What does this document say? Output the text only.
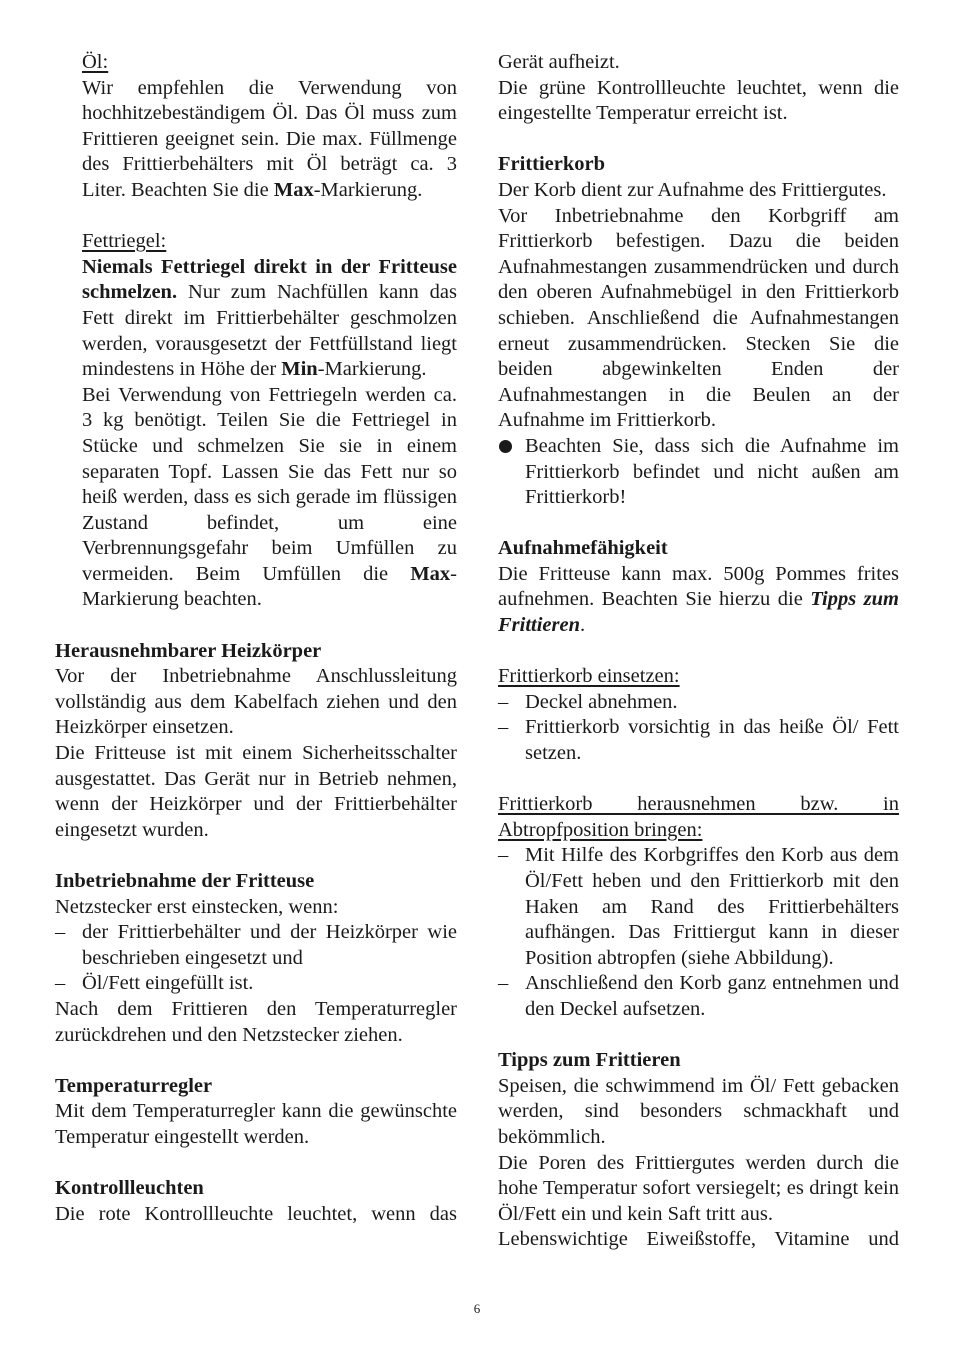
Öl:

Wir empfehlen die Verwendung von hochhitzebeständigem Öl. Das Öl muss zum Frittieren geeignet sein. Die max. Füllmenge des Frittierbehälters mit Öl beträgt ca. 3 Liter. Beachten Sie die Max-Markierung.

Fettriegel:

Niemals Fettriegel direkt in der Fritteuse schmelzen. Nur zum Nachfüllen kann das Fett direkt im Frittierbehälter geschmolzen werden, vorausgesetzt der Fettfüllstand liegt mindestens in Höhe der Min-Markierung.

Bei Verwendung von Fettriegeln werden ca. 3 kg benötigt. Teilen Sie die Fettriegel in Stücke und schmelzen Sie sie in einem separaten Topf. Lassen Sie das Fett nur so heiß werden, dass es sich gerade im flüssigen Zustand befindet, um eine Verbrennungsgefahr beim Umfüllen zu vermeiden. Beim Umfüllen die Max-Markierung beachten.

Herausnehmbarer Heizkörper

Vor der Inbetriebnahme Anschlussleitung vollständig aus dem Kabelfach ziehen und den Heizkörper einsetzen.

Die Fritteuse ist mit einem Sicherheitsschalter ausgestattet. Das Gerät nur in Betrieb nehmen, wenn der Heizkörper und der Frittierbehälter eingesetzt wurden.

Inbetriebnahme der Fritteuse

Netzstecker erst einstecken, wenn:

– der Frittierbehälter und der Heizkörper wie beschrieben eingesetzt und
– Öl/Fett eingefüllt ist.

Nach dem Frittieren den Temperaturregler zurückdrehen und den Netzstecker ziehen.

Temperaturregler

Mit dem Temperaturregler kann die gewünschte Temperatur eingestellt werden.

Kontrollleuchten

Die rote Kontrollleuchte leuchtet, wenn das

Gerät aufheizt.

Die grüne Kontrollleuchte leuchtet, wenn die eingestellte Temperatur erreicht ist.

Frittierkorb

Der Korb dient zur Aufnahme des Frittiergutes.

Vor Inbetriebnahme den Korbgriff am Frittierkorb befestigen. Dazu die beiden Aufnahmestangen zusammendrücken und durch den oberen Aufnahmebügel in den Frittierkorb schieben. Anschließend die Aufnahmestangen erneut zusammendrücken. Stecken Sie die beiden abgewinkelten Enden der Aufnahmestangen in die Beulen an der Aufnahme im Frittierkorb.

Beachten Sie, dass sich die Aufnahme im Frittierkorb befindet und nicht außen am Frittierkorb!

Aufnahmefähigkeit

Die Fritteuse kann max. 500g Pommes frites aufnehmen. Beachten Sie hierzu die Tipps zum Frittieren.

Frittierkorb einsetzen:

– Deckel abnehmen.
– Frittierkorb vorsichtig in das heiße Öl/ Fett setzen.

Frittierkorb herausnehmen bzw. in Abtropfposition bringen:

– Mit Hilfe des Korbgriffes den Korb aus dem Öl/Fett heben und den Frittierkorb mit den Haken am Rand des Frittierbehälters aufhängen. Das Frittiergut kann in dieser Position abtropfen (siehe Abbildung).
– Anschließend den Korb ganz entnehmen und den Deckel aufsetzen.

Tipps zum Frittieren

Speisen, die schwimmend im Öl/ Fett gebacken werden, sind besonders schmackhaft und bekömmlich.

Die Poren des Frittiergutes werden durch die hohe Temperatur sofort versiegelt; es dringt kein Öl/Fett ein und kein Saft tritt aus.

Lebenswichtige Eiweißstoffe, Vitamine und

6
